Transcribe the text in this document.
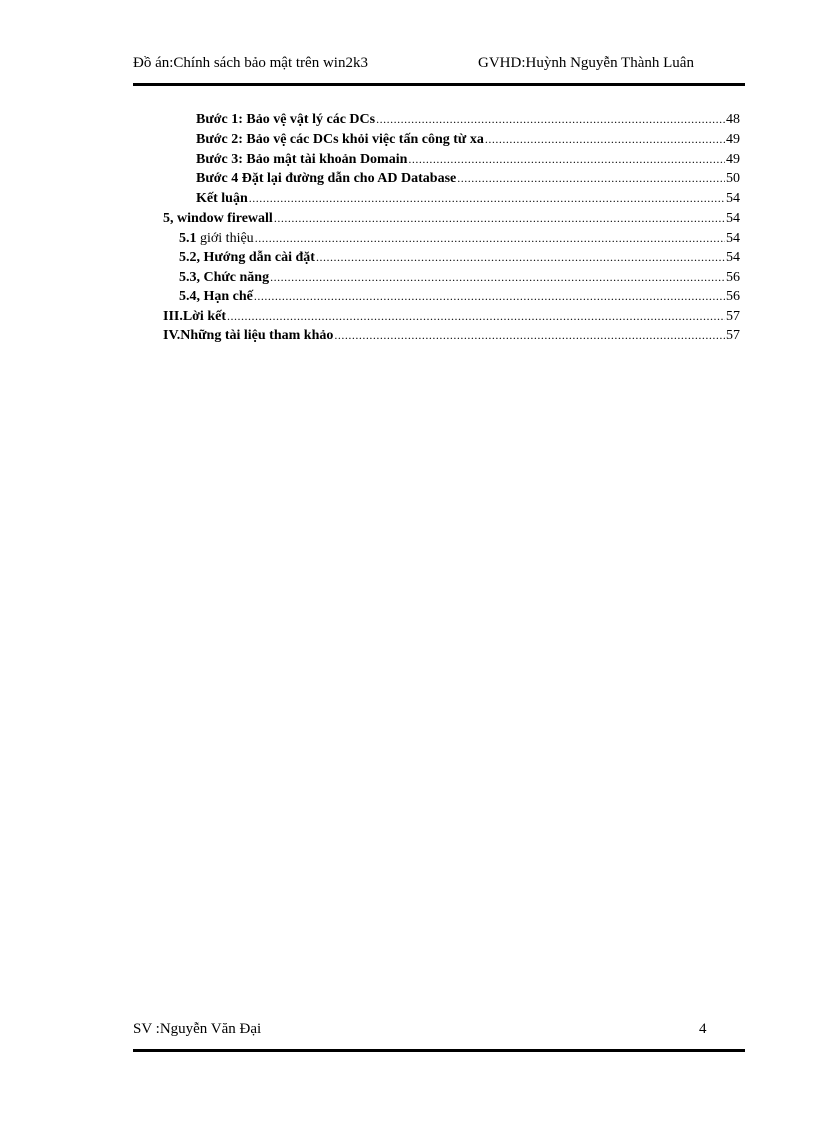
Đồ án:Chính sách bảo mật trên win2k3	GVHD:Huỳnh Nguyễn Thành Luân
Bước 1: Bảo vệ vật lý các DCs .....	48
Bước 2: Bảo vệ các DCs khỏi việc tấn công từ xa .....	49
Bước 3: Bảo mật tài khoản Domain .....	49
Bước 4 Đặt lại đường dẫn cho AD Database .....	50
Kết luận .....	54
5, window firewall .....	54
5.1 giới thiệu .....	54
5.2, Hướng dẫn cài đặt .....	54
5.3, Chức năng .....	56
5.4, Hạn chế .....	56
III.Lời kết .....	57
IV.Những tài liệu tham khảo .....	57
SV :Nguyễn Văn Đại	4
